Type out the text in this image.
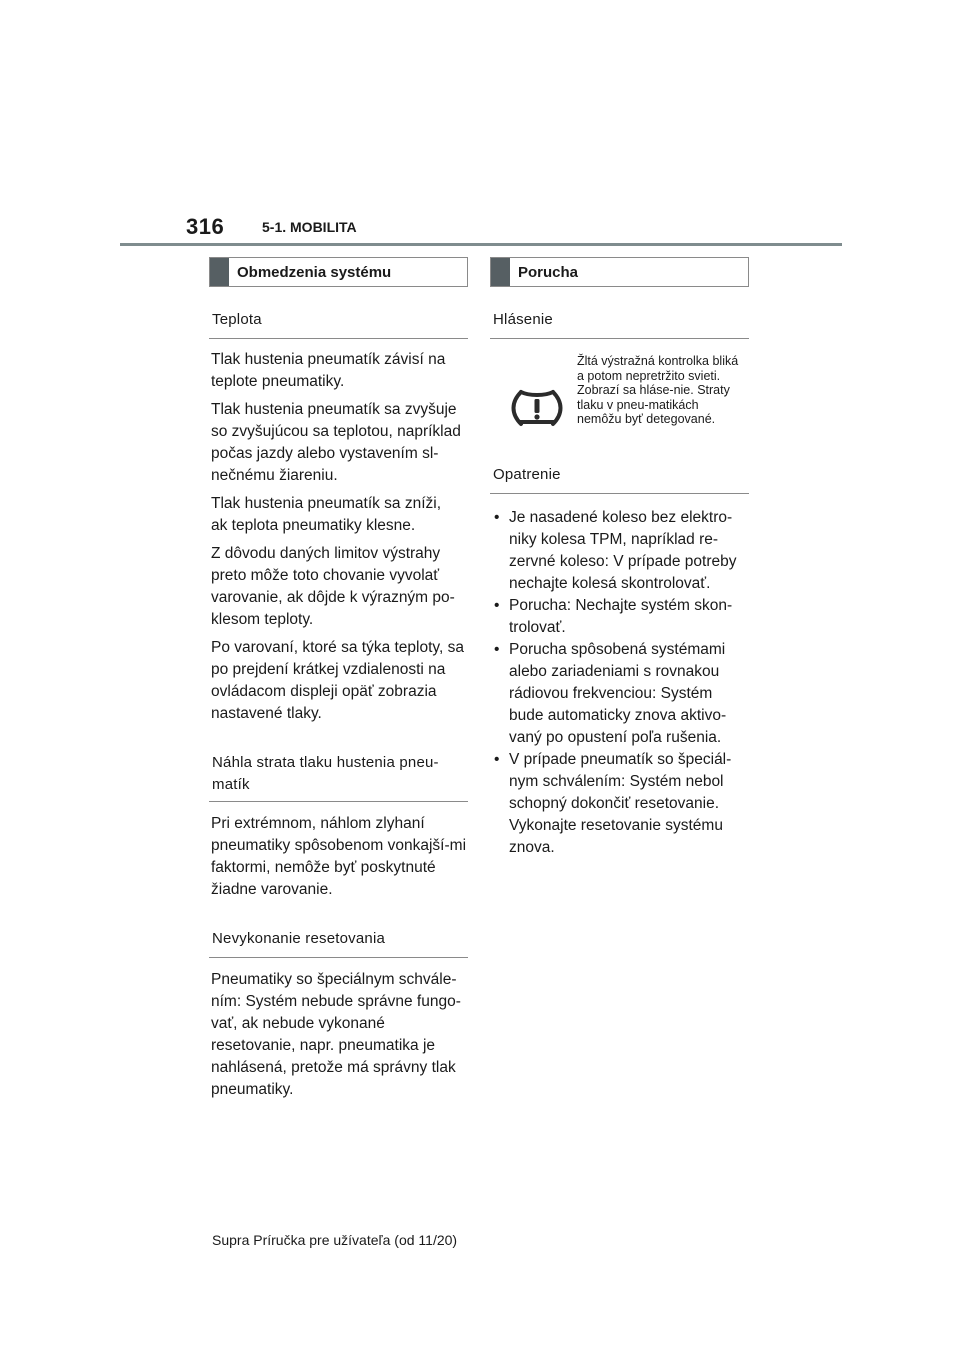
316	5-1. MOBILITA
Obmedzenia systému
Teplota

Tlak hustenia pneumatík závisí na teplote pneumatiky.

Tlak hustenia pneumatík sa zvyšuje so zvyšujúcou sa teplotou, napríklad počas jazdy alebo vystavením sl-nečnému žiareniu.

Tlak hustenia pneumatík sa zníži, ak teplota pneumatiky klesne.

Z dôvodu daných limitov výstrahy preto môže toto chovanie vyvolať varovanie, ak dôjde k výrazným po-klesom teploty.

Po varovaní, ktoré sa týka teploty, sa po prejdení krátkej vzdialenosti na ovládacom displeji opäť zobrazia nastavené tlaky.

Náhla strata tlaku hustenia pneu-matík

Pri extrémnom, náhlom zlyhaní pneumatiky spôsobenom vonkajší-mi faktormi, nemôže byť poskytnuté žiadne varovanie.

Nevykonanie resetovania

Pneumatiky so špeciálnym schvále-ním: Systém nebude správne fungo-vať, ak nebude vykonané resetovanie, napr. pneumatika je nahlásená, pretože má správny tlak pneumatiky.

Porucha
Hlásenie
Žltá výstražná kontrolka bliká a potom nepretržito svieti. Zobrazí sa hláse-nie. Straty tlaku v pneu-matikách nemôžu byť detegované.
Opatrenie
• Je nasadené koleso bez elektro-niky kolesa TPM, napríklad re-zervné koleso: V prípade potreby nechajte kolesá skontrolovať.
• Porucha: Nechajte systém skon-trolovať.
• Porucha spôsobená systémami alebo zariadeniami s rovnakou rádiovou frekvenciou: Systém bude automaticky znova aktivo-vaný po opustení poľa rušenia.
• V prípade pneumatík so špeciál-nym schválením: Systém nebol schopný dokončiť resetovanie. Vykonajte resetovanie systému znova.
Supra Príručka pre užívateľa (od 11/20)
